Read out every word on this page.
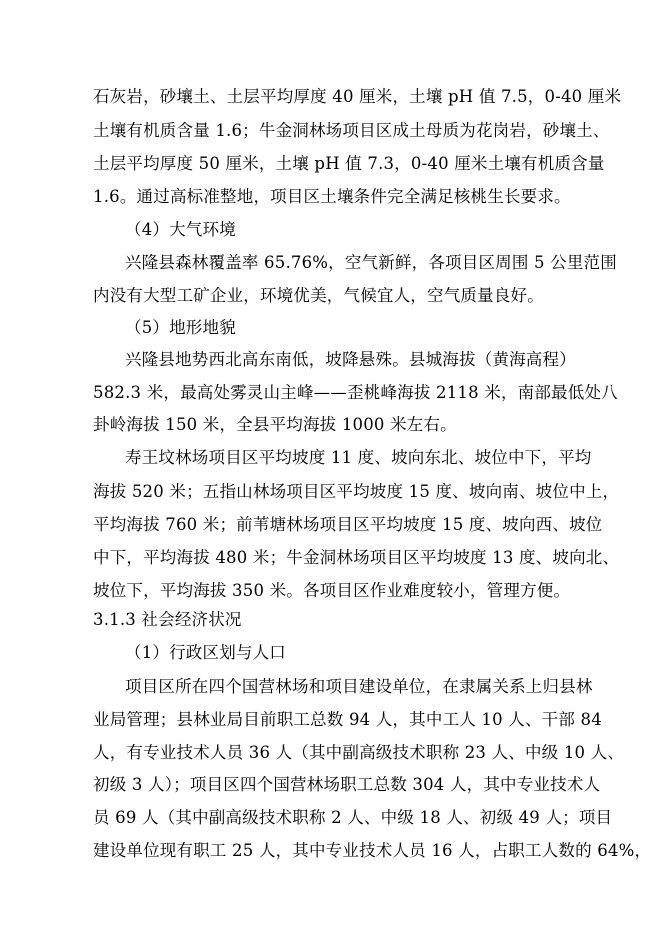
石灰岩，砂壤土、土层平均厚度 40 厘米，土壤 pH 值 7.5，0-40 厘米
土壤有机质含量 1.6；牛金洞林场项目区成土母质为花岗岩，砂壤土、
土层平均厚度 50 厘米，土壤 pH 值 7.3，0-40 厘米土壤有机质含量
1.6。通过高标准整地，项目区土壤条件完全满足核桃生长要求。
（4）大气环境
兴隆县森林覆盖率 65.76%，空气新鲜，各项目区周围 5 公里范围
内没有大型工矿企业，环境优美，气候宜人，空气质量良好。
（5）地形地貌
兴隆县地势西北高东南低，坡降悬殊。县城海拔（黄海高程）
582.3 米，最高处雾灵山主峰——歪桃峰海拔 2118 米，南部最低处八
卦岭海拔 150 米，全县平均海拔 1000 米左右。
寿王坟林场项目区平均坡度 11 度、坡向东北、坡位中下，平均
海拔 520 米；五指山林场项目区平均坡度 15 度、坡向南、坡位中上，
平均海拔 760 米；前苇塘林场项目区平均坡度 15 度、坡向西、坡位
中下，平均海拔 480 米；牛金洞林场项目区平均坡度 13 度、坡向北、
坡位下，平均海拔 350 米。各项目区作业难度较小，管理方便。
3.1.3 社会经济状况
（1）行政区划与人口
项目区所在四个国营林场和项目建设单位，在隶属关系上归县林
业局管理；县林业局目前职工总数 94 人，其中工人 10 人、干部 84
人，有专业技术人员 36 人（其中副高级技术职称 23 人、中级 10 人、
初级 3 人）；项目区四个国营林场职工总数 304 人，其中专业技术人
员 69 人（其中副高级技术职称 2 人、中级 18 人、初级 49 人；项目
建设单位现有职工 25 人，其中专业技术人员 16 人，占职工人数的 64%，
